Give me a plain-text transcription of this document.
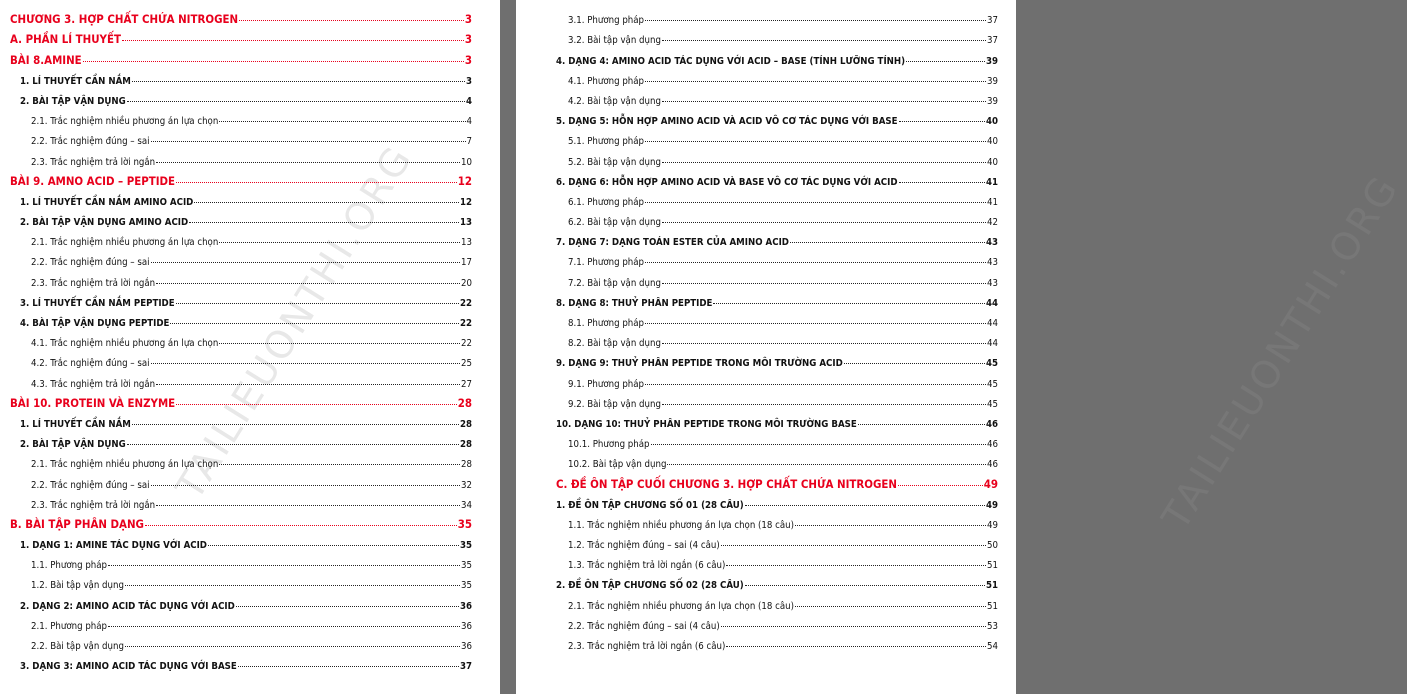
TAILIEUONTHI.ORG
CHƯƠNG 3. HỢP CHẤT CHỨA NITROGEN	3
A. PHẦN LÍ THUYẾT	3
BÀI 8.AMINE	3
1. LÍ THUYẾT CẦN NẮM	3
2. BÀI TẬP VẬN DỤNG	4
2.1. Trắc nghiệm nhiều phương án lựa chọn	4
2.2. Trắc nghiệm đúng – sai	7
2.3. Trắc nghiệm trả lời ngắn	10
BÀI 9. AMNO ACID – PEPTIDE	12
1. LÍ THUYẾT CẦN NẮM AMINO ACID	12
2. BÀI TẬP VẬN DỤNG AMINO ACID	13
2.1. Trắc nghiệm nhiều phương án lựa chọn	13
2.2. Trắc nghiệm đúng – sai	17
2.3. Trắc nghiệm trả lời ngắn	20
3. LÍ THUYẾT CẦN NẮM PEPTIDE	22
4. BÀI TẬP VẬN DỤNG PEPTIDE	22
4.1. Trắc nghiệm nhiều phương án lựa chọn	22
4.2. Trắc nghiệm đúng – sai	25
4.3. Trắc nghiệm trả lời ngắn	27
BÀI 10. PROTEIN VÀ ENZYME	28
1. LÍ THUYẾT CẦN NẮM	28
2. BÀI TẬP VẬN DỤNG	28
2.1. Trắc nghiệm nhiều phương án lựa chọn	28
2.2. Trắc nghiệm đúng – sai	32
2.3. Trắc nghiệm trả lời ngắn	34
B. BÀI TẬP PHÂN DẠNG	35
1. DẠNG 1: AMINE TÁC DỤNG VỚI ACID	35
1.1. Phương pháp	35
1.2. Bài tập vận dụng	35
2. DẠNG 2: AMINO ACID TÁC DỤNG VỚI ACID	36
2.1. Phương pháp	36
2.2. Bài tập vận dụng	36
3. DẠNG 3: AMINO ACID TÁC DỤNG VỚI BASE	37
TAILIEUONTHI.ORG
3.1. Phương pháp	37
3.2. Bài tập vận dụng	37
4. DẠNG 4: AMINO ACID TÁC DỤNG VỚI ACID – BASE (TÍNH LƯỠNG TÍNH)	39
4.1. Phương pháp	39
4.2. Bài tập vận dụng	39
5. DẠNG 5: HỖN HỢP AMINO ACID VÀ ACID VÔ CƠ TÁC DỤNG VỚI BASE	40
5.1. Phương pháp	40
5.2. Bài tập vận dụng	40
6. DẠNG 6: HỖN HỢP AMINO ACID VÀ BASE VÔ CƠ TÁC DỤNG VỚI ACID	41
6.1. Phương pháp	41
6.2. Bài tập vận dụng	42
7. DẠNG 7: DẠNG TOÁN ESTER CỦA AMINO ACID	43
7.1. Phương pháp	43
7.2. Bài tập vận dụng	43
8. DẠNG 8: THUỶ PHÂN PEPTIDE	44
8.1. Phương pháp	44
8.2. Bài tập vận dụng	44
9. DẠNG 9: THUỶ PHÂN PEPTIDE TRONG MÔI TRƯỜNG ACID	45
9.1. Phương pháp	45
9.2. Bài tập vận dụng	45
10. DẠNG 10: THUỶ PHÂN PEPTIDE TRONG MÔI TRƯỜNG BASE	46
10.1. Phương pháp	46
10.2. Bài tập vận dụng	46
C. ĐỀ ÔN TẬP CUỐI CHƯƠNG 3. HỢP CHẤT CHỨA NITROGEN	49
1. ĐỀ ÔN TẬP CHƯƠNG SỐ 01 (28 CÂU)	49
1.1. Trắc nghiệm nhiều phương án lựa chọn (18 câu)	49
1.2. Trắc nghiệm đúng – sai (4 câu)	50
1.3. Trắc nghiệm trả lời ngắn (6 câu)	51
2. ĐỀ ÔN TẬP CHƯƠNG SỐ 02 (28 CÂU)	51
2.1. Trắc nghiệm nhiều phương án lựa chọn (18 câu)	51
2.2. Trắc nghiệm đúng – sai (4 câu)	53
2.3. Trắc nghiệm trả lời ngắn (6 câu)	54
